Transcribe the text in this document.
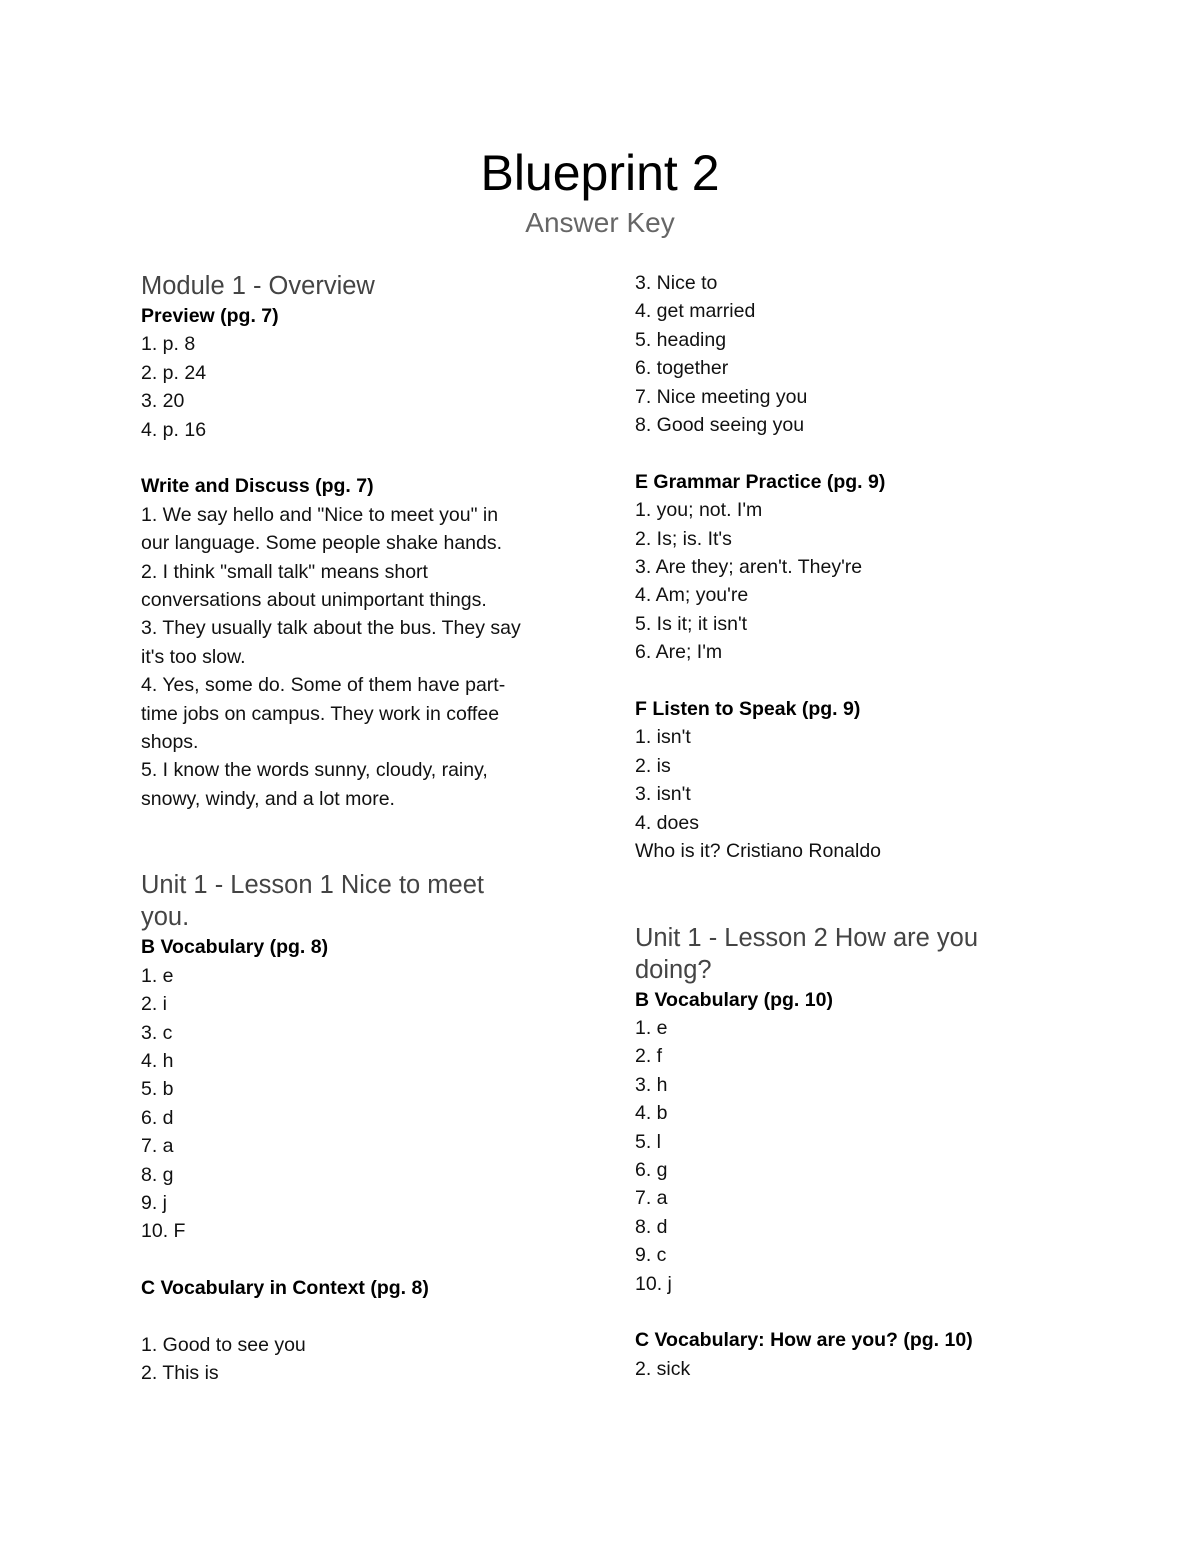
Blueprint 2
Answer Key

Module 1 - Overview

Preview (pg. 7)

1. p. 8

2. p. 24

3. 20

4. p. 16

Write and Discuss (pg. 7)

1. We say hello and "Nice to meet you" in

our language. Some people shake hands.

2. I think "small talk" means short

conversations about unimportant things.

3. They usually talk about the bus. They say

it's too slow.

4. Yes, some do. Some of them have part-

time jobs on campus. They work in coffee

shops.

5. I know the words sunny, cloudy, rainy,

snowy, windy, and a lot more.

Unit 1 - Lesson 1 Nice to meet

you.

B Vocabulary (pg. 8)

1. e

2. i

3. c

4. h

5. b

6. d

7. a

8. g

9. j

10. F

C Vocabulary in Context (pg. 8)

1. Good to see you

2. This is

3. Nice to

4. get married

5. heading

6. together

7. Nice meeting you

8. Good seeing you

E Grammar Practice (pg. 9)

1. you; not. I'm

2. Is; is. It's

3. Are they; aren't. They're

4. Am; you're

5. Is it; it isn't

6. Are; I'm

F Listen to Speak (pg. 9)

1. isn't

2. is

3. isn't

4. does

Who is it? Cristiano Ronaldo

Unit 1 - Lesson 2 How are you

doing?

B Vocabulary (pg. 10)

1. e

2. f

3. h

4. b

5. l

6. g

7. a

8. d

9. c

10. j

C Vocabulary: How are you? (pg. 10)

2. sick
